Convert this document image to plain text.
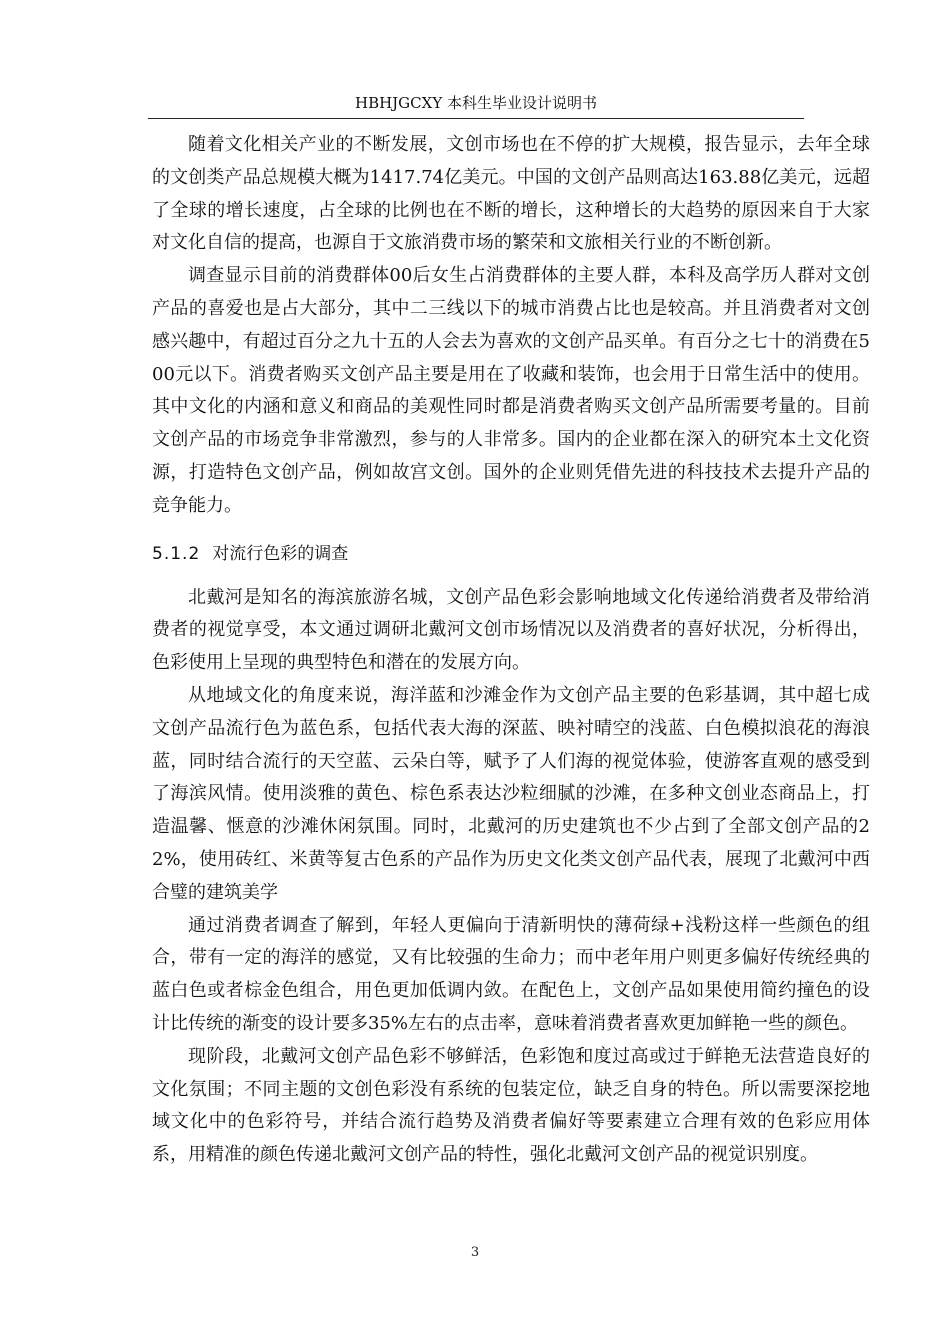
HBHJGCXY 本科生毕业设计说明书

随着文化相关产业的不断发展，文创市场也在不停的扩大规模，报告显示，去年全球的文创类产品总规模大概为1417.74亿美元。中国的文创产品则高达163.88亿美元，远超了全球的增长速度，占全球的比例也在不断的增长，这种增长的大趋势的原因来自于大家对文化自信的提高，也源自于文旅消费市场的繁荣和文旅相关行业的不断创新。

调查显示目前的消费群体00后女生占消费群体的主要人群，本科及高学历人群对文创产品的喜爱也是占大部分，其中二三线以下的城市消费占比也是较高。并且消费者对文创感兴趣中，有超过百分之九十五的人会去为喜欢的文创产品买单。有百分之七十的消费在500元以下。消费者购买文创产品主要是用在了收藏和装饰，也会用于日常生活中的使用。其中文化的内涵和意义和商品的美观性同时都是消费者购买文创产品所需要考量的。目前文创产品的市场竞争非常激烈，参与的人非常多。国内的企业都在深入的研究本土文化资源，打造特色文创产品，例如故宫文创。国外的企业则凭借先进的科技技术去提升产品的竞争能力。

5.1.2 对流行色彩的调查

北戴河是知名的海滨旅游名城，文创产品色彩会影响地域文化传递给消费者及带给消费者的视觉享受，本文通过调研北戴河文创市场情况以及消费者的喜好状况，分析得出，色彩使用上呈现的典型特色和潜在的发展方向。

从地域文化的角度来说，海洋蓝和沙滩金作为文创产品主要的色彩基调，其中超七成文创产品流行色为蓝色系，包括代表大海的深蓝、映衬晴空的浅蓝、白色模拟浪花的海浪蓝，同时结合流行的天空蓝、云朵白等，赋予了人们海的视觉体验，使游客直观的感受到了海滨风情。使用淡雅的黄色、棕色系表达沙粒细腻的沙滩，在多种文创业态商品上，打造温馨、惬意的沙滩休闲氛围。同时，北戴河的历史建筑也不少占到了全部文创产品的22%，使用砖红、米黄等复古色系的产品作为历史文化类文创产品代表，展现了北戴河中西合璧的建筑美学

通过消费者调查了解到，年轻人更偏向于清新明快的薄荷绿+浅粉这样一些颜色的组合，带有一定的海洋的感觉，又有比较强的生命力；而中老年用户则更多偏好传统经典的蓝白色或者棕金色组合，用色更加低调内敛。在配色上，文创产品如果使用简约撞色的设计比传统的渐变的设计要多35%左右的点击率，意味着消费者喜欢更加鲜艳一些的颜色。

现阶段，北戴河文创产品色彩不够鲜活，色彩饱和度过高或过于鲜艳无法营造良好的文化氛围；不同主题的文创色彩没有系统的包装定位，缺乏自身的特色。所以需要深挖地域文化中的色彩符号，并结合流行趋势及消费者偏好等要素建立合理有效的色彩应用体系，用精准的颜色传递北戴河文创产品的特性，强化北戴河文创产品的视觉识别度。

3
